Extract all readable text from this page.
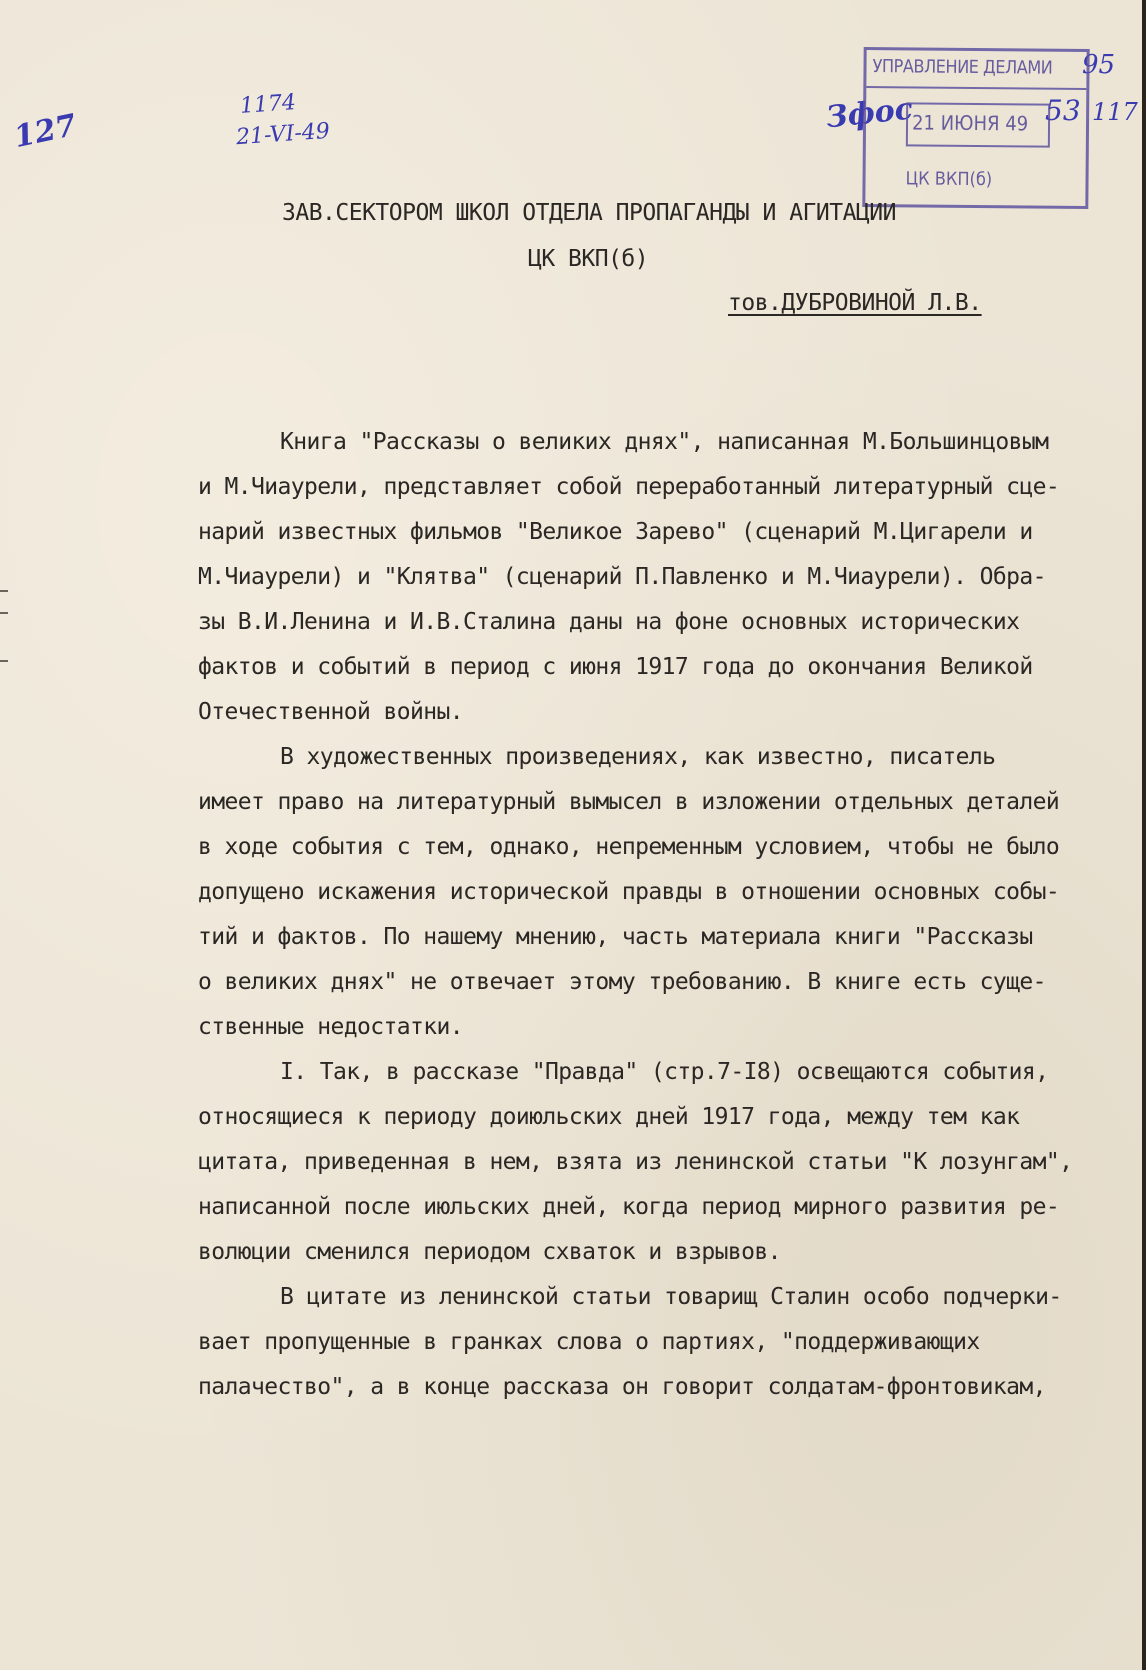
127
1174
21-VI-49	Зфос
95
53 117
УПРАВЛЕНИЕ ДЕЛАМИ
21 ИЮНЯ 49
ЦК ВКП(б)
ЗАВ.СЕКТОРОМ ШКОЛ ОТДЕЛА ПРОПАГАНДЫ И АГИТАЦИИ
ЦК ВКП(б)
тов.ДУБРОВИНОЙ Л.В.
Книга "Рассказы о великих днях", написанная М.Большинцовым
и М.Чиаурели, представляет собой переработанный литературный сце-
нарий известных фильмов "Великое Зарево" (сценарий М.Цигарели и
М.Чиаурели) и "Клятва" (сценарий П.Павленко и М.Чиаурели). Обра-
зы В.И.Ленина и И.В.Сталина даны на фоне основных исторических
фактов и событий в период с июня 1917 года до окончания Великой
Отечественной войны.
В художественных произведениях, как известно, писатель
имеет право на литературный вымысел в изложении отдельных деталей
в ходе события с тем, однако, непременным условием, чтобы не было
допущено искажения исторической правды в отношении основных собы-
тий и фактов. По нашему мнению, часть материала книги "Рассказы
о великих днях" не отвечает этому требованию. В книге есть суще-
ственные недостатки.
I. Так, в рассказе "Правда" (стр.7-I8) освещаются события,
относящиеся к периоду доиюльских дней 1917 года, между тем как
цитата, приведенная в нем, взята из ленинской статьи "К лозунгам",
написанной после июльских дней, когда период мирного развития ре-
волюции сменился периодом схваток и взрывов.
В цитате из ленинской статьи товарищ Сталин особо подчерки-
вает пропущенные в гранках слова о партиях, "поддерживающих
палачество", а в конце рассказа он говорит солдатам-фронтовикам,
